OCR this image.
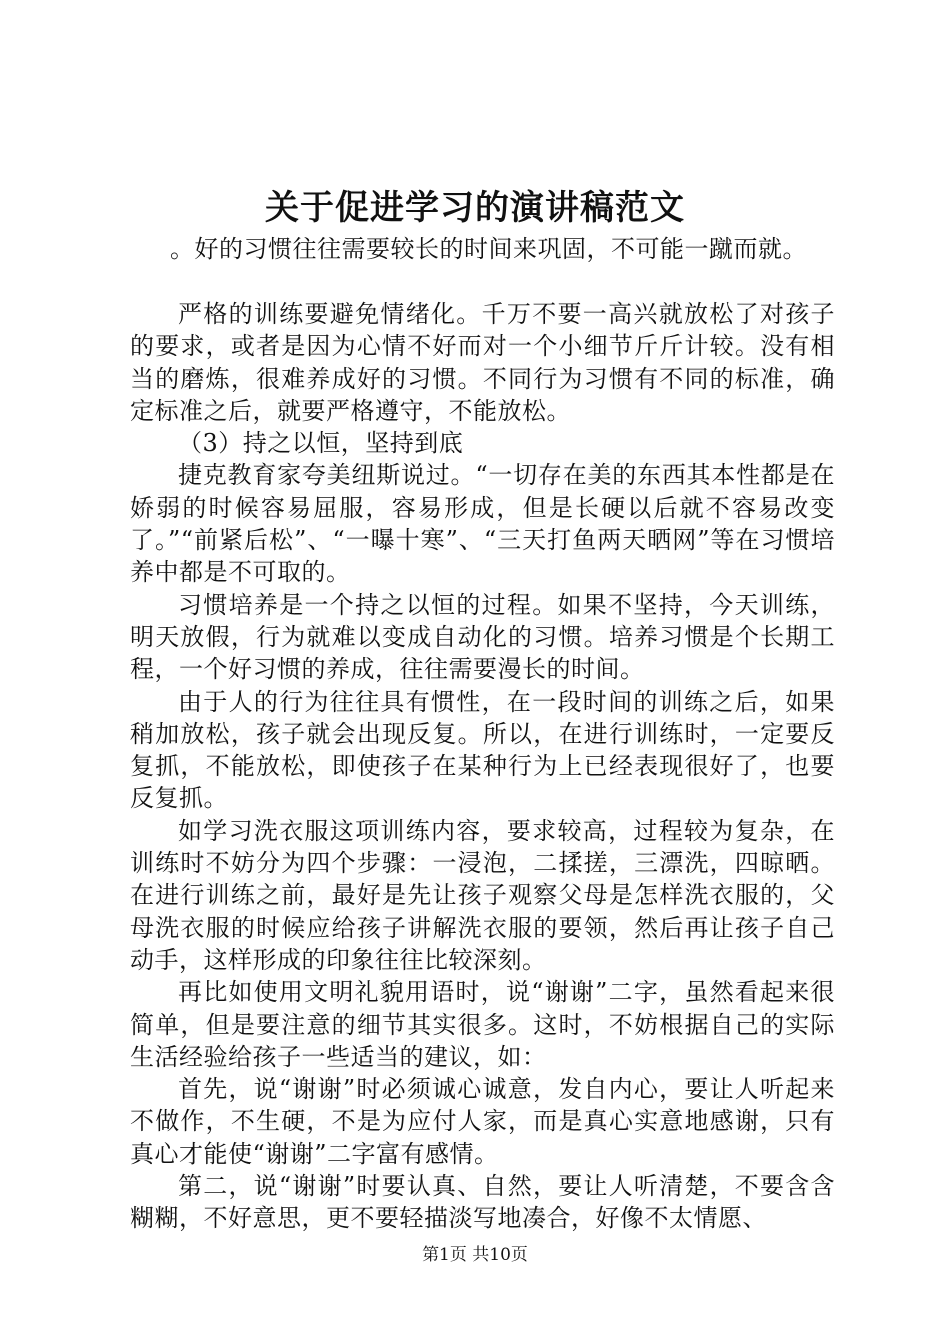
关于促进学习的演讲稿范文

。好的习惯往往需要较长的时间来巩固，不可能一蹴而就。

严格的训练要避免情绪化。千万不要一高兴就放松了对孩子的要求，或者是因为心情不好而对一个小细节斤斤计较。没有相当的磨炼，很难养成好的习惯。不同行为习惯有不同的标准，确定标准之后，就要严格遵守，不能放松。

（3）持之以恒，坚持到底

捷克教育家夸美纽斯说过。“一切存在美的东西其本性都是在娇弱的时候容易屈服，容易形成，但是长硬以后就不容易改变了。”“前紧后松”、“一曝十寒”、“三天打鱼两天晒网”等在习惯培养中都是不可取的。

习惯培养是一个持之以恒的过程。如果不坚持，今天训练，明天放假，行为就难以变成自动化的习惯。培养习惯是个长期工程，一个好习惯的养成，往往需要漫长的时间。

由于人的行为往往具有惯性，在一段时间的训练之后，如果稍加放松，孩子就会出现反复。所以，在进行训练时，一定要反复抓，不能放松，即使孩子在某种行为上已经表现很好了，也要反复抓。

如学习洗衣服这项训练内容，要求较高，过程较为复杂，在训练时不妨分为四个步骤：一浸泡，二揉搓，三漂洗，四晾晒。在进行训练之前，最好是先让孩子观察父母是怎样洗衣服的，父母洗衣服的时候应给孩子讲解洗衣服的要领，然后再让孩子自己动手，这样形成的印象往往比较深刻。

再比如使用文明礼貌用语时，说“谢谢”二字，虽然看起来很简单，但是要注意的细节其实很多。这时，不妨根据自己的实际生活经验给孩子一些适当的建议，如：

首先，说“谢谢”时必须诚心诚意，发自内心，要让人听起来不做作，不生硬，不是为应付人家，而是真心实意地感谢，只有真心才能使“谢谢”二字富有感情。

第二，说“谢谢”时要认真、自然，要让人听清楚，不要含含糊糊，不好意思，更不要轻描淡写地凑合，好像不太情愿、

第1页 共10页
